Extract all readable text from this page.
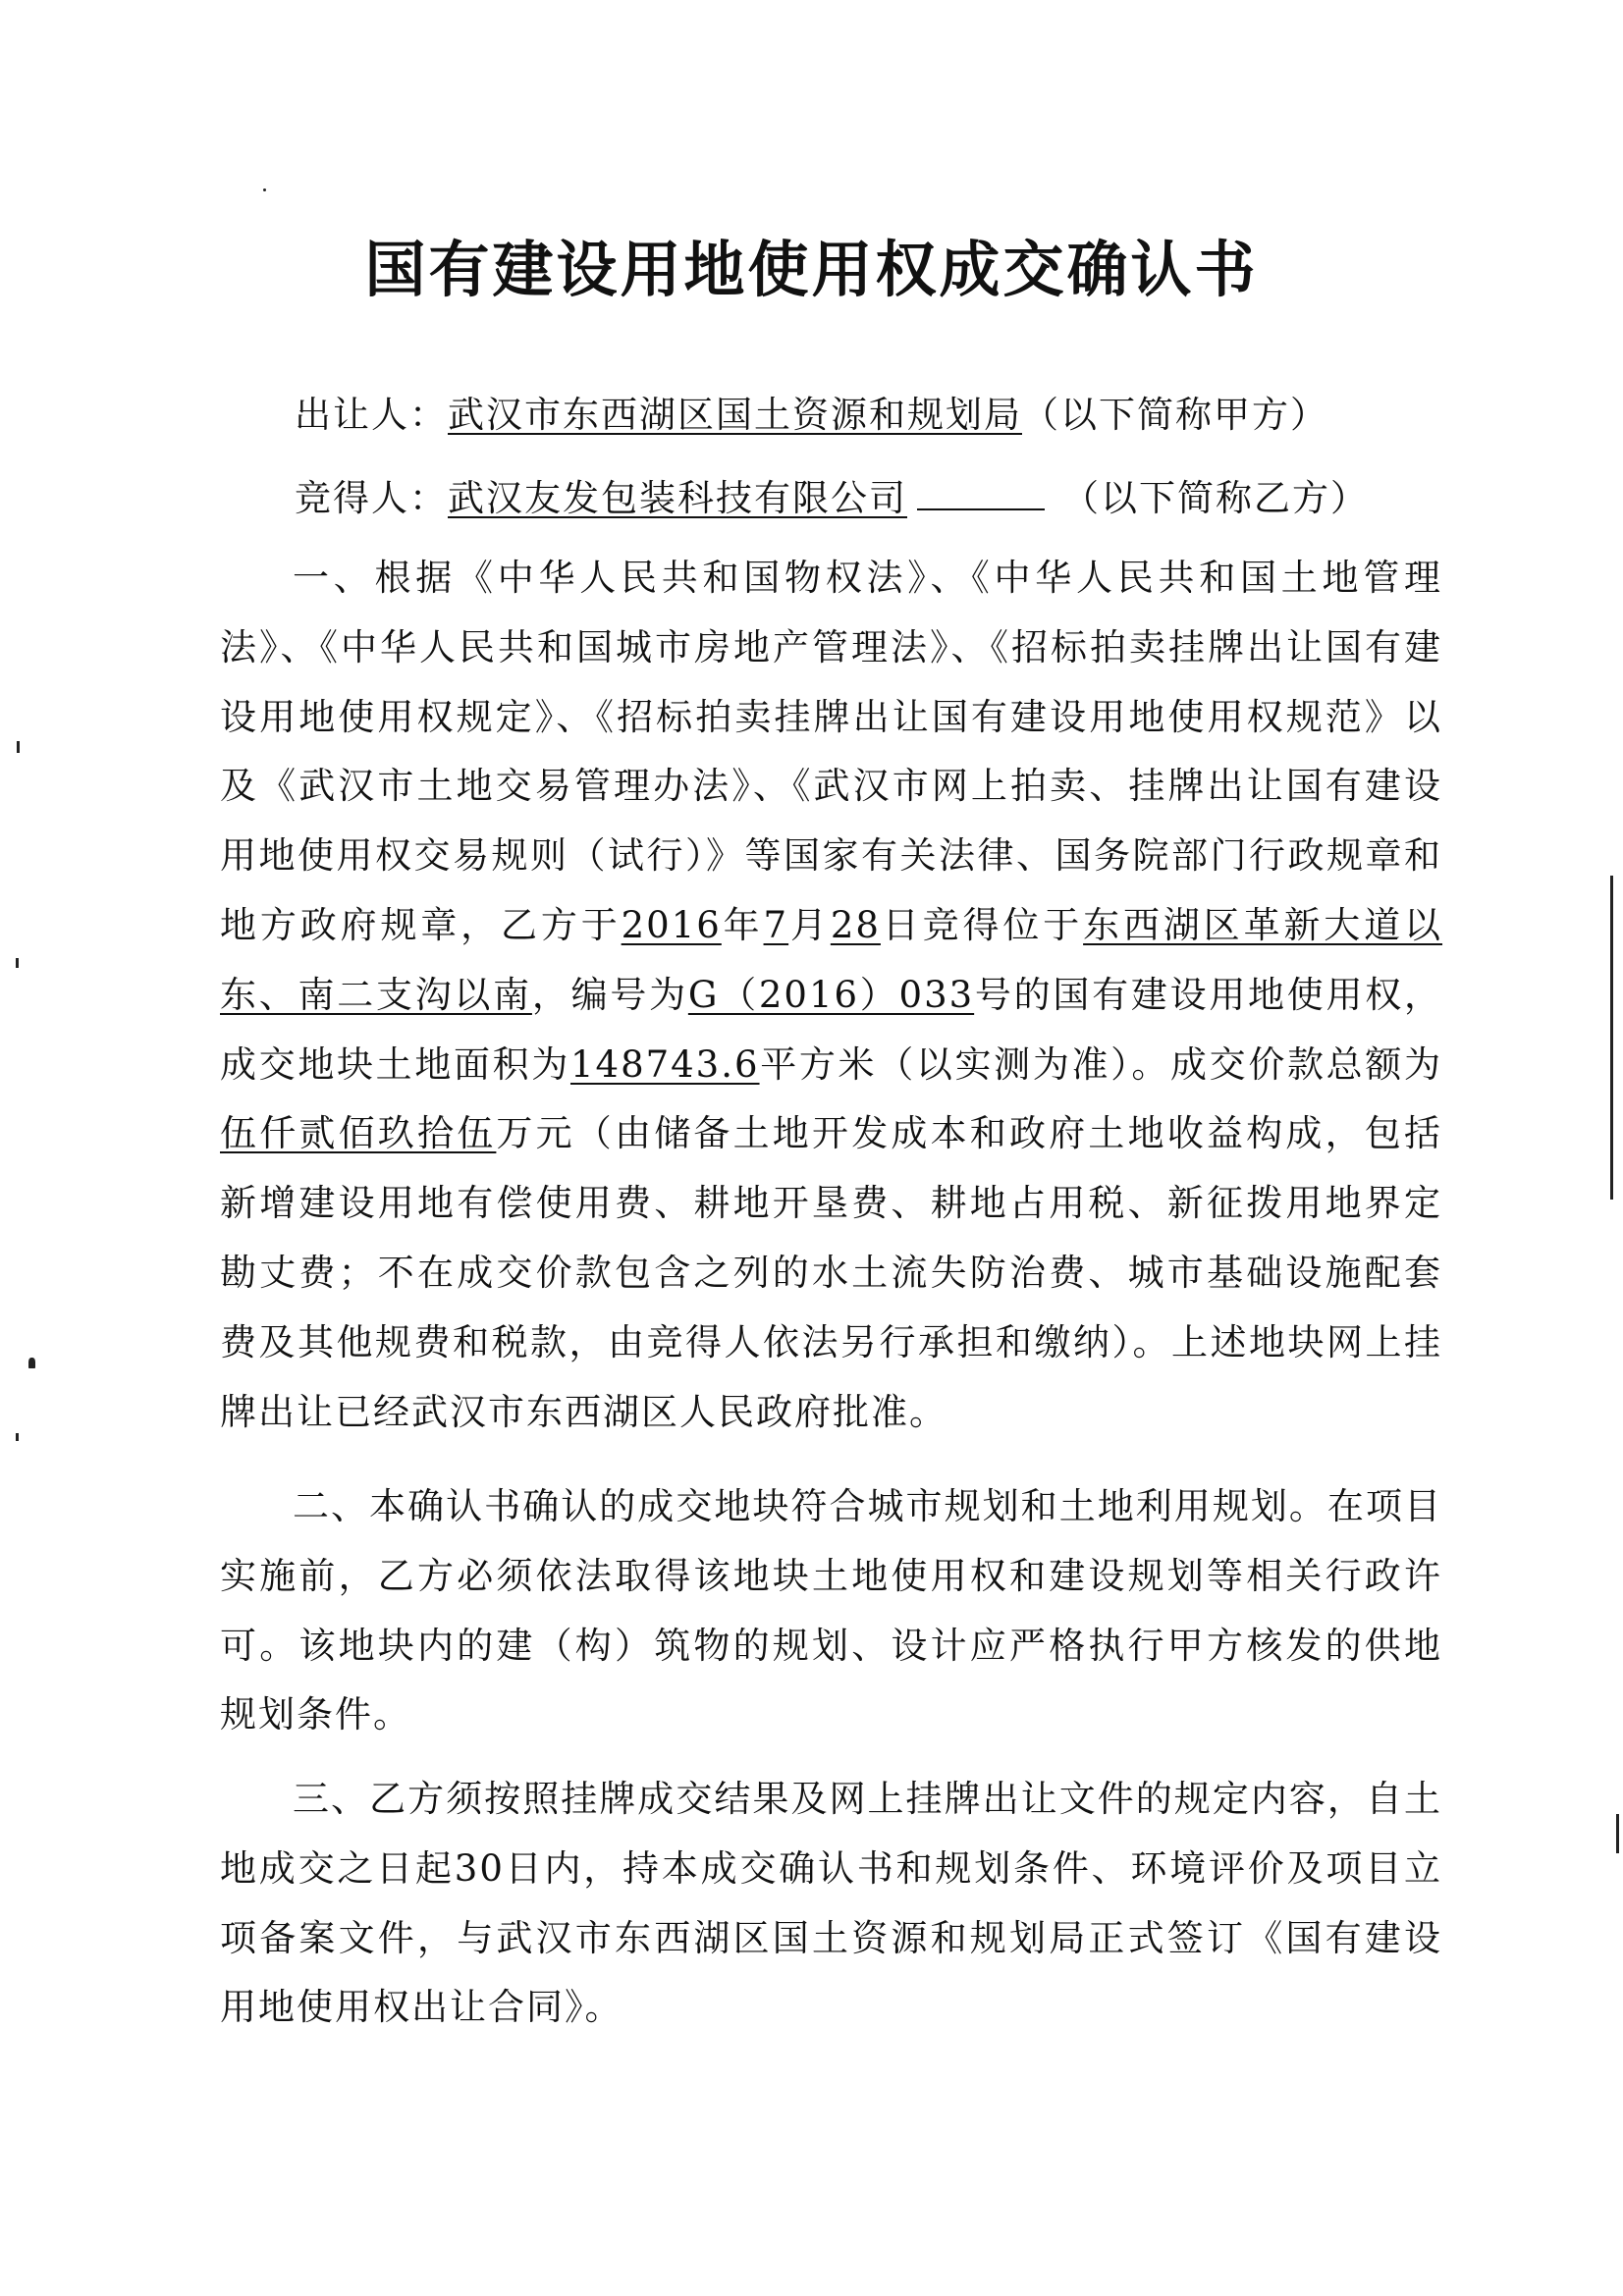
国有建设用地使用权成交确认书
出让人：武汉市东西湖区国土资源和规划局（以下简称甲方）
竞得人：武汉友发包装科技有限公司	（以下简称乙方）
一、根据《中华人民共和国物权法》、《中华人民共和国土地管理法》、《中华人民共和国城市房地产管理法》、《招标拍卖挂牌出让国有建设用地使用权规定》、《招标拍卖挂牌出让国有建设用地使用权规范》以及《武汉市土地交易管理办法》、《武汉市网上拍卖、挂牌出让国有建设用地使用权交易规则（试行）》等国家有关法律、国务院部门行政规章和地方政府规章，乙方于2016年7月28日竞得位于东西湖区革新大道以东、南二支沟以南，编号为G（2016）033号的国有建设用地使用权，成交地块土地面积为148743.6平方米（以实测为准）。成交价款总额为伍仟贰佰玖拾伍万元（由储备土地开发成本和政府土地收益构成，包括新增建设用地有偿使用费、耕地开垦费、耕地占用税、新征拨用地界定勘丈费；不在成交价款包含之列的水土流失防治费、城市基础设施配套费及其他规费和税款，由竞得人依法另行承担和缴纳）。上述地块网上挂牌出让已经武汉市东西湖区人民政府批准。
二、本确认书确认的成交地块符合城市规划和土地利用规划。在项目实施前，乙方必须依法取得该地块土地使用权和建设规划等相关行政许可。该地块内的建（构）筑物的规划、设计应严格执行甲方核发的供地规划条件。
三、乙方须按照挂牌成交结果及网上挂牌出让文件的规定内容，自土地成交之日起30日内，持本成交确认书和规划条件、环境评价及项目立项备案文件，与武汉市东西湖区国土资源和规划局正式签订《国有建设用地使用权出让合同》。
